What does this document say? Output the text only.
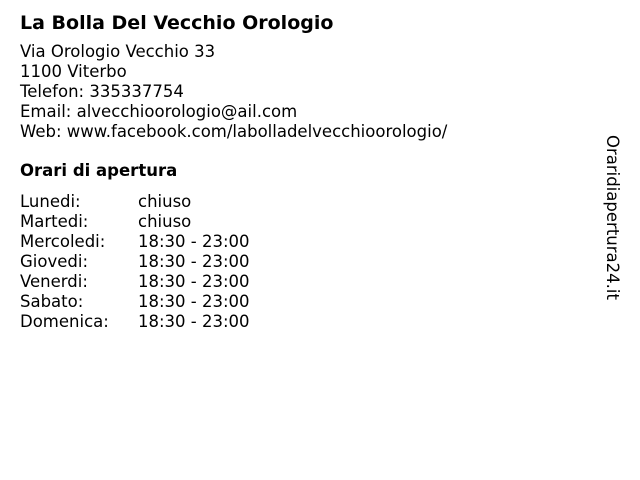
La Bolla Del Vecchio Orologio
Via Orologio Vecchio 33
1100 Viterbo
Telefon: 335337754
Email: alvecchioorologio@ail.com
Web: www.facebook.com/labolladelvecchioorologio/
Orari di apertura
Lunedi:	chiuso
Martedi:	chiuso
Mercoledi:	18:30 - 23:00
Giovedi:	18:30 - 23:00
Venerdi:	18:30 - 23:00
Sabato:	18:30 - 23:00
Domenica:	18:30 - 23:00
Oraridiapertura24.it
